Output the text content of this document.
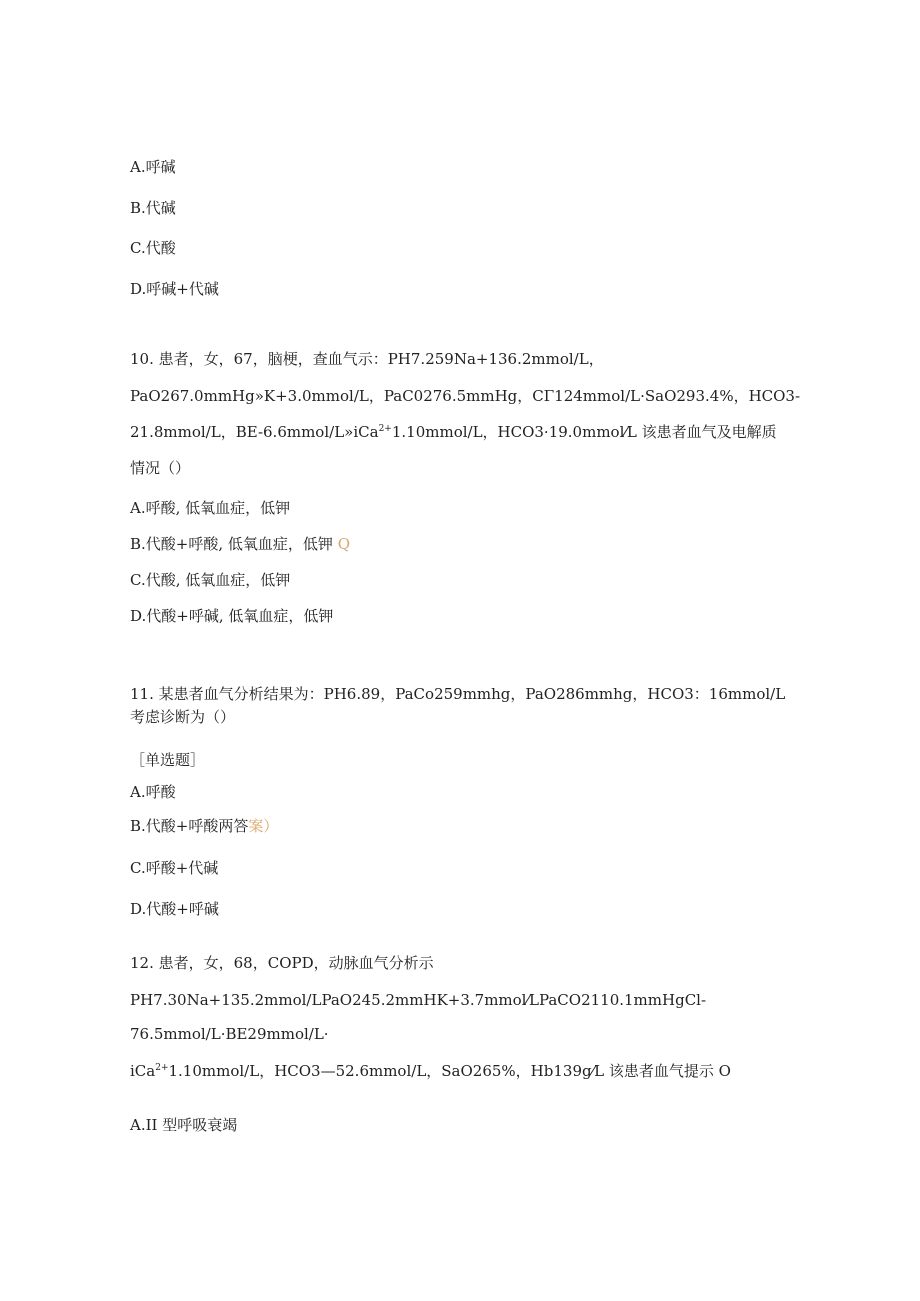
A.呼碱
B.代碱
C.代酸
D.呼碱+代碱
10. 患者，女，67，脑梗，查血气示：PH7.259Na+136.2mmol/L，
PaO267.0mmHg»K+3.0mmol/L，PaC0276.5mmHg，CΓ124mmol/L·SaO293.4%，HCO3-
21.8mmol/L，BE-6.6mmol/L»iCa$^{2+}$1.10mmol/L，HCO3·19.0mmol⁄L 该患者血气及电解质
情况（）
A.呼酸, 低氧血症，低钾
B.代酸+呼酸, 低氧血症，低钾 Q
C.代酸, 低氧血症，低钾
D.代酸+呼碱, 低氧血症，低钾
11. 某患者血气分析结果为：PH6.89，PaCo259mmhg，PaO286mmhg，HCO3：16mmol/L
考虑诊断为（）
［单选题］
A.呼酸
B.代酸+呼酸两答案）
C.呼酸+代碱
D.代酸+呼碱
12. 患者，女，68，COPD，动脉血气分析示
PH7.30Na+135.2mmol/LPaO245.2mmHK+3.7mmol⁄LPaCO2110.1mmHgCl-
76.5mmol/L·BE29mmol/L·
iCa$^{2+}$1.10mmol/L，HCO3—52.6mmol/L，SaO265%，Hb139g⁄L 该患者血气提示 O
A.II 型呼吸衰竭
